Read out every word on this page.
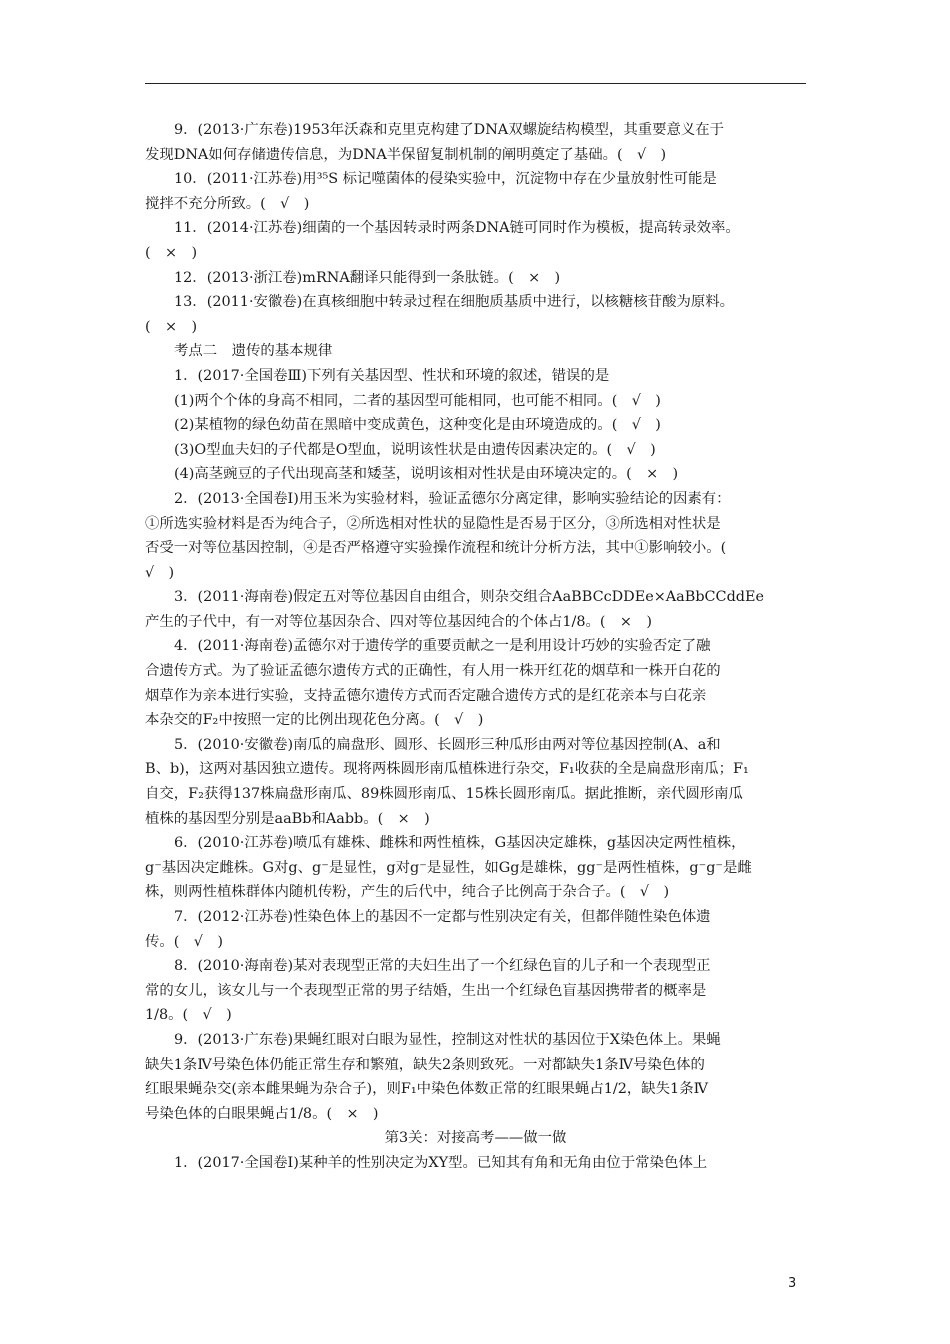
9．(2013·广东卷)1953年沃森和克里克构建了DNA双螺旋结构模型，其重要意义在于
发现DNA如何存储遗传信息，为DNA半保留复制机制的阐明奠定了基础。(　√　)
10．(2011·江苏卷)用³⁵S 标记噬菌体的侵染实验中，沉淀物中存在少量放射性可能是
搅拌不充分所致。(　√　)
11．(2014·江苏卷)细菌的一个基因转录时两条DNA链可同时作为模板，提高转录效率。
(　×　)
12．(2013·浙江卷)mRNA翻译只能得到一条肽链。(　×　)
13．(2011·安徽卷)在真核细胞中转录过程在细胞质基质中进行，以核糖核苷酸为原料。
(　×　)
考点二　遗传的基本规律
1．(2017·全国卷Ⅲ)下列有关基因型、性状和环境的叙述，错误的是
(1)两个个体的身高不相同，二者的基因型可能相同，也可能不相同。(　√　)
(2)某植物的绿色幼苗在黑暗中变成黄色，这种变化是由环境造成的。(　√　)
(3)O型血夫妇的子代都是O型血，说明该性状是由遗传因素决定的。(　√　)
(4)高茎豌豆的子代出现高茎和矮茎，说明该相对性状是由环境决定的。(　×　)
2．(2013·全国卷Ⅰ)用玉米为实验材料，验证孟德尔分离定律，影响实验结论的因素有：
①所选实验材料是否为纯合子，②所选相对性状的显隐性是否易于区分，③所选相对性状是
否受一对等位基因控制，④是否严格遵守实验操作流程和统计分析方法，其中①影响较小。(
√　)
3．(2011·海南卷)假定五对等位基因自由组合，则杂交组合AaBBCcDDEe×AaBbCCddEe
产生的子代中，有一对等位基因杂合、四对等位基因纯合的个体占1/8。(　×　)
4．(2011·海南卷)孟德尔对于遗传学的重要贡献之一是利用设计巧妙的实验否定了融
合遗传方式。为了验证孟德尔遗传方式的正确性，有人用一株开红花的烟草和一株开白花的
烟草作为亲本进行实验，支持孟德尔遗传方式而否定融合遗传方式的是红花亲本与白花亲
本杂交的F₂中按照一定的比例出现花色分离。(　√　)
5．(2010·安徽卷)南瓜的扁盘形、圆形、长圆形三种瓜形由两对等位基因控制(A、a和
B、b)，这两对基因独立遗传。现将两株圆形南瓜植株进行杂交，F₁收获的全是扁盘形南瓜；F₁
自交，F₂获得137株扁盘形南瓜、89株圆形南瓜、15株长圆形南瓜。据此推断，亲代圆形南瓜
植株的基因型分别是aaBb和Aabb。(　×　)
6．(2010·江苏卷)喷瓜有雄株、雌株和两性植株，G基因决定雄株，g基因决定两性植株，
g⁻基因决定雌株。G对g、g⁻是显性，g对g⁻是显性，如Gg是雄株，gg⁻是两性植株，g⁻g⁻是雌
株，则两性植株群体内随机传粉，产生的后代中，纯合子比例高于杂合子。(　√　)
7．(2012·江苏卷)性染色体上的基因不一定都与性别决定有关，但都伴随性染色体遗
传。(　√　)
8．(2010·海南卷)某对表现型正常的夫妇生出了一个红绿色盲的儿子和一个表现型正
常的女儿，该女儿与一个表现型正常的男子结婚，生出一个红绿色盲基因携带者的概率是
1/8。(　√　)
9．(2013·广东卷)果蝇红眼对白眼为显性，控制这对性状的基因位于X染色体上。果蝇
缺失1条Ⅳ号染色体仍能正常生存和繁殖，缺失2条则致死。一对都缺失1条Ⅳ号染色体的
红眼果蝇杂交(亲本雌果蝇为杂合子)，则F₁中染色体数正常的红眼果蝇占1/2，缺失1条Ⅳ
号染色体的白眼果蝇占1/8。(　×　)
第3关：对接高考——做一做
1．(2017·全国卷Ⅰ)某种羊的性别决定为XY型。已知其有角和无角由位于常染色体上
3
